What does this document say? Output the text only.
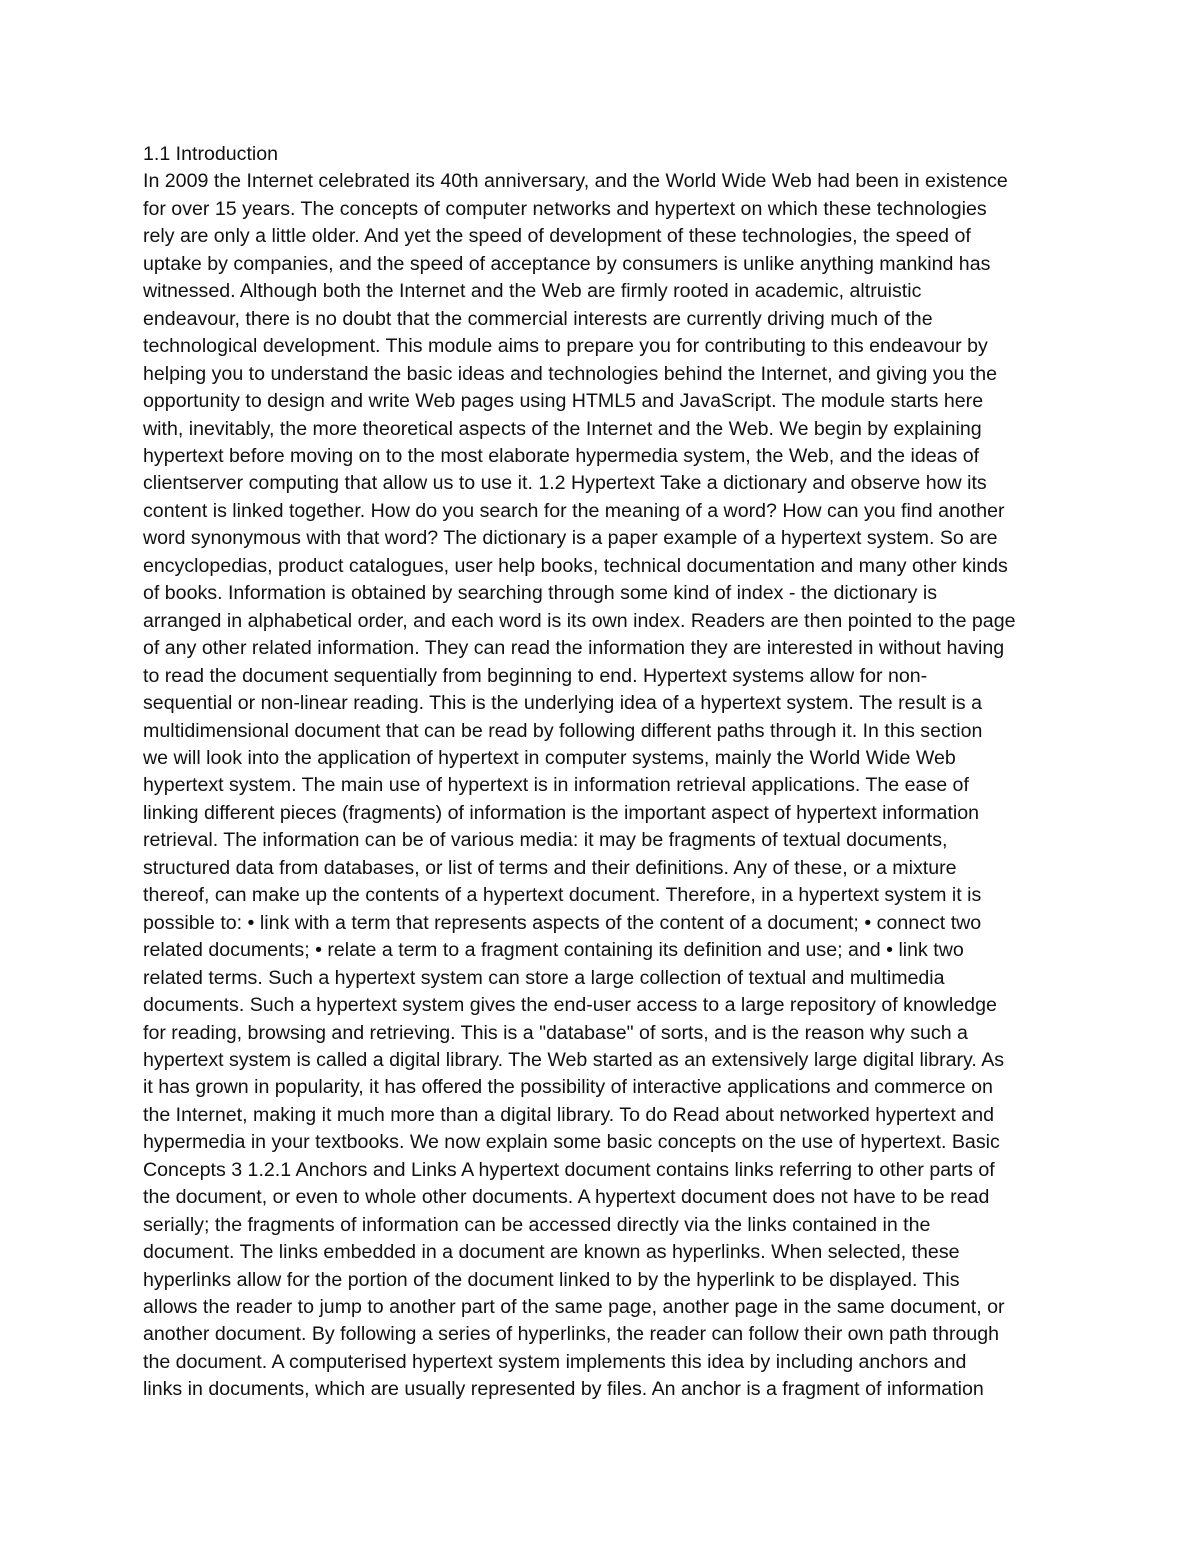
1.1 Introduction
In 2009 the Internet celebrated its 40th anniversary, and the World Wide Web had been in existence
for over 15 years. The concepts of computer networks and hypertext on which these technologies
rely are only a little older. And yet the speed of development of these technologies, the speed of
uptake by companies, and the speed of acceptance by consumers is unlike anything mankind has
witnessed. Although both the Internet and the Web are firmly rooted in academic, altruistic
endeavour, there is no doubt that the commercial interests are currently driving much of the
technological development. This module aims to prepare you for contributing to this endeavour by
helping you to understand the basic ideas and technologies behind the Internet, and giving you the
opportunity to design and write Web pages using HTML5 and JavaScript. The module starts here
with, inevitably, the more theoretical aspects of the Internet and the Web. We begin by explaining
hypertext before moving on to the most elaborate hypermedia system, the Web, and the ideas of
clientserver computing that allow us to use it. 1.2 Hypertext Take a dictionary and observe how its
content is linked together. How do you search for the meaning of a word? How can you find another
word synonymous with that word? The dictionary is a paper example of a hypertext system. So are
encyclopedias, product catalogues, user help books, technical documentation and many other kinds
of books. Information is obtained by searching through some kind of index - the dictionary is
arranged in alphabetical order, and each word is its own index. Readers are then pointed to the page
of any other related information. They can read the information they are interested in without having
to read the document sequentially from beginning to end. Hypertext systems allow for non-
sequential or non-linear reading. This is the underlying idea of a hypertext system. The result is a
multidimensional document that can be read by following different paths through it. In this section
we will look into the application of hypertext in computer systems, mainly the World Wide Web
hypertext system. The main use of hypertext is in information retrieval applications. The ease of
linking different pieces (fragments) of information is the important aspect of hypertext information
retrieval. The information can be of various media: it may be fragments of textual documents,
structured data from databases, or list of terms and their definitions. Any of these, or a mixture
thereof, can make up the contents of a hypertext document. Therefore, in a hypertext system it is
possible to: • link with a term that represents aspects of the content of a document; • connect two
related documents; • relate a term to a fragment containing its definition and use; and • link two
related terms. Such a hypertext system can store a large collection of textual and multimedia
documents. Such a hypertext system gives the end-user access to a large repository of knowledge
for reading, browsing and retrieving. This is a "database" of sorts, and is the reason why such a
hypertext system is called a digital library. The Web started as an extensively large digital library. As
it has grown in popularity, it has offered the possibility of interactive applications and commerce on
the Internet, making it much more than a digital library. To do Read about networked hypertext and
hypermedia in your textbooks. We now explain some basic concepts on the use of hypertext. Basic
Concepts 3 1.2.1 Anchors and Links A hypertext document contains links referring to other parts of
the document, or even to whole other documents. A hypertext document does not have to be read
serially; the fragments of information can be accessed directly via the links contained in the
document. The links embedded in a document are known as hyperlinks. When selected, these
hyperlinks allow for the portion of the document linked to by the hyperlink to be displayed. This
allows the reader to jump to another part of the same page, another page in the same document, or
another document. By following a series of hyperlinks, the reader can follow their own path through
the document. A computerised hypertext system implements this idea by including anchors and
links in documents, which are usually represented by files. An anchor is a fragment of information
